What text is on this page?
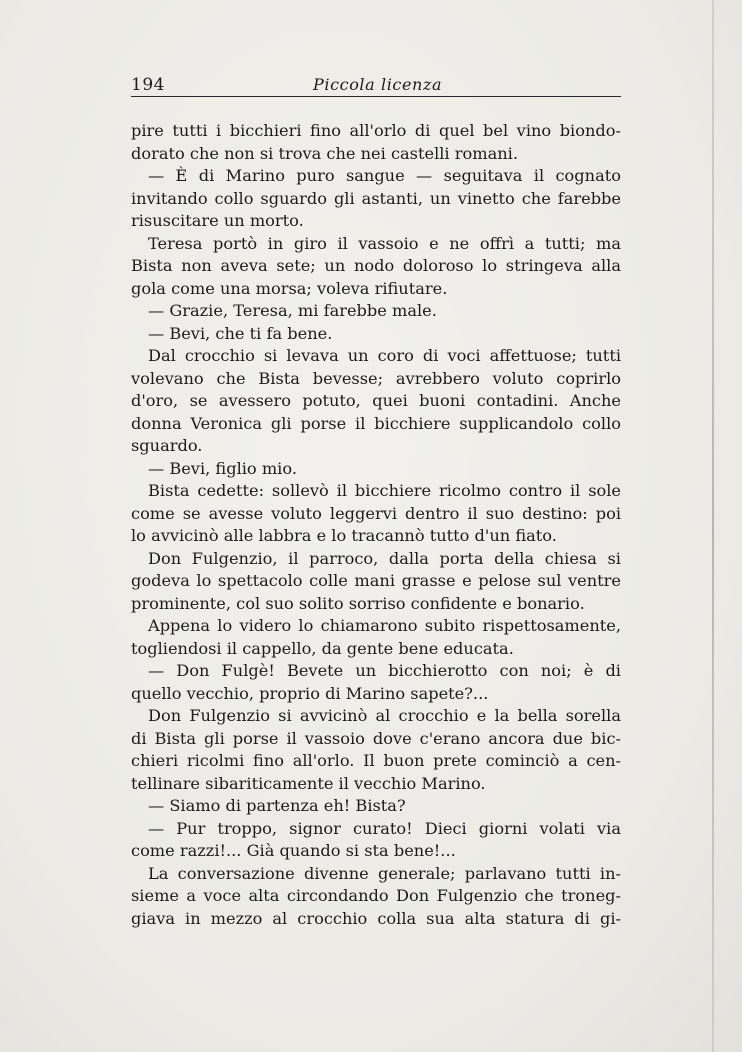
194	Piccola licenza
pire tutti i bicchieri fino all'orlo di quel bel vino biondo-
dorato che non si trova che nei castelli romani.
— È di Marino puro sangue — seguitava il cognato
invitando collo sguardo gli astanti, un vinetto che farebbe
risuscitare un morto.
Teresa portò in giro il vassoio e ne offrì a tutti; ma
Bista non aveva sete; un nodo doloroso lo stringeva alla
gola come una morsa; voleva rifiutare.
— Grazie, Teresa, mi farebbe male.
— Bevi, che ti fa bene.
Dal crocchio si levava un coro di voci affettuose; tutti
volevano che Bista bevesse; avrebbero voluto coprirlo
d'oro, se avessero potuto, quei buoni contadini. Anche
donna Veronica gli porse il bicchiere supplicandolo collo
sguardo.
— Bevi, figlio mio.
Bista cedette: sollevò il bicchiere ricolmo contro il sole
come se avesse voluto leggervi dentro il suo destino: poi
lo avvicinò alle labbra e lo tracannò tutto d'un fiato.
Don Fulgenzio, il parroco, dalla porta della chiesa si
godeva lo spettacolo colle mani grasse e pelose sul ventre
prominente, col suo solito sorriso confidente e bonario.
Appena lo videro lo chiamarono subito rispettosamente,
togliendosi il cappello, da gente bene educata.
— Don Fulgè! Bevete un bicchierotto con noi; è di
quello vecchio, proprio di Marino sapete?...
Don Fulgenzio si avvicinò al crocchio e la bella sorella
di Bista gli porse il vassoio dove c'erano ancora due bic-
chieri ricolmi fino all'orlo. Il buon prete cominciò a cen-
tellinare sibariticamente il vecchio Marino.
— Siamo di partenza eh! Bista?
— Pur troppo, signor curato! Dieci giorni volati via
come razzi!... Già quando si sta bene!...
La conversazione divenne generale; parlavano tutti in-
sieme a voce alta circondando Don Fulgenzio che troneg-
giava in mezzo al crocchio colla sua alta statura di gi-
